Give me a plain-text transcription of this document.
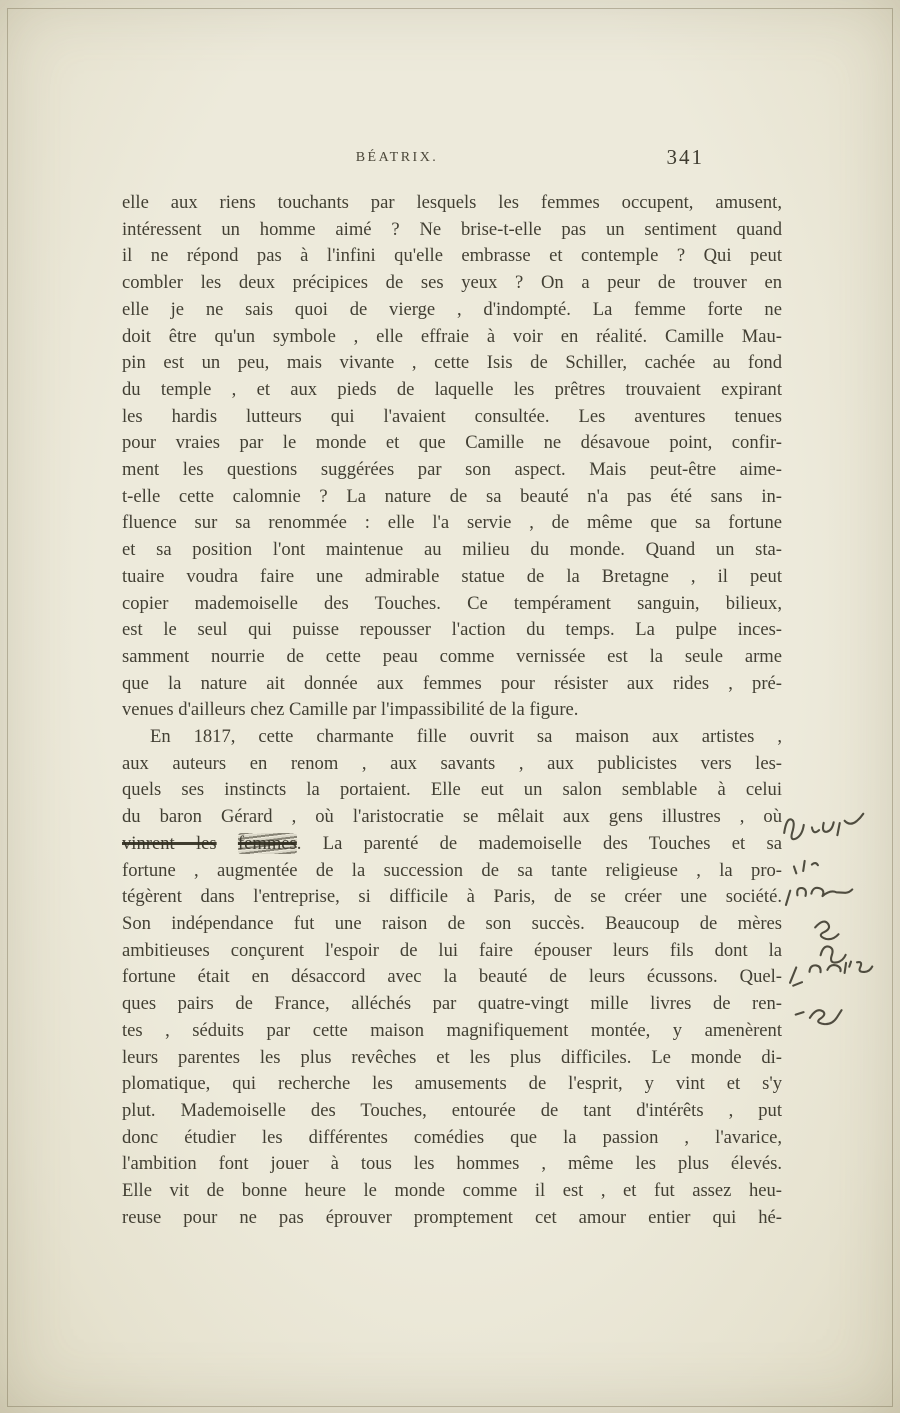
BÉATRIX.	341
elle aux riens touchants par lesquels les femmes occupent, amusent,
intéressent un homme aimé ? Ne brise-t-elle pas un sentiment quand
il ne répond pas à l'infini qu'elle embrasse et contemple ? Qui peut
combler les deux précipices de ses yeux ? On a peur de trouver en
elle je ne sais quoi de vierge , d'indompté. La femme forte ne
doit être qu'un symbole , elle effraie à voir en réalité. Camille Mau-
pin est un peu, mais vivante , cette Isis de Schiller, cachée au fond
du temple , et aux pieds de laquelle les prêtres trouvaient expirant
les hardis lutteurs qui l'avaient consultée. Les aventures tenues
pour vraies par le monde et que Camille ne désavoue point, confir-
ment les questions suggérées par son aspect. Mais peut-être aime-
t-elle cette calomnie ? La nature de sa beauté n'a pas été sans in-
fluence sur sa renommée : elle l'a servie , de même que sa fortune
et sa position l'ont maintenue au milieu du monde. Quand un sta-
tuaire voudra faire une admirable statue de la Bretagne , il peut
copier mademoiselle des Touches. Ce tempérament sanguin, bilieux,
est le seul qui puisse repousser l'action du temps. La pulpe inces-
samment nourrie de cette peau comme vernissée est la seule arme
que la nature ait donnée aux femmes pour résister aux rides , pré-
venues d'ailleurs chez Camille par l'impassibilité de la figure.
En 1817, cette charmante fille ouvrit sa maison aux artistes ,
aux auteurs en renom , aux savants , aux publicistes vers les-
quels ses instincts la portaient. Elle eut un salon semblable à celui
du baron Gérard , où l'aristocratie se mêlait aux gens illustres , où
vinrent les femmes. La parenté de mademoiselle des Touches et sa
fortune , augmentée de la succession de sa tante religieuse , la pro-
tégèrent dans l'entreprise, si difficile à Paris, de se créer une société.
Son indépendance fut une raison de son succès. Beaucoup de mères
ambitieuses conçurent l'espoir de lui faire épouser leurs fils dont la
fortune était en désaccord avec la beauté de leurs écussons. Quel-
ques pairs de France, alléchés par quatre-vingt mille livres de ren-
tes , séduits par cette maison magnifiquement montée, y amenèrent
leurs parentes les plus revêches et les plus difficiles. Le monde di-
plomatique, qui recherche les amusements de l'esprit, y vint et s'y
plut. Mademoiselle des Touches, entourée de tant d'intérêts , put
donc étudier les différentes comédies que la passion , l'avarice,
l'ambition font jouer à tous les hommes , même les plus élevés.
Elle vit de bonne heure le monde comme il est , et fut assez heu-
reuse pour ne pas éprouver promptement cet amour entier qui hé-
